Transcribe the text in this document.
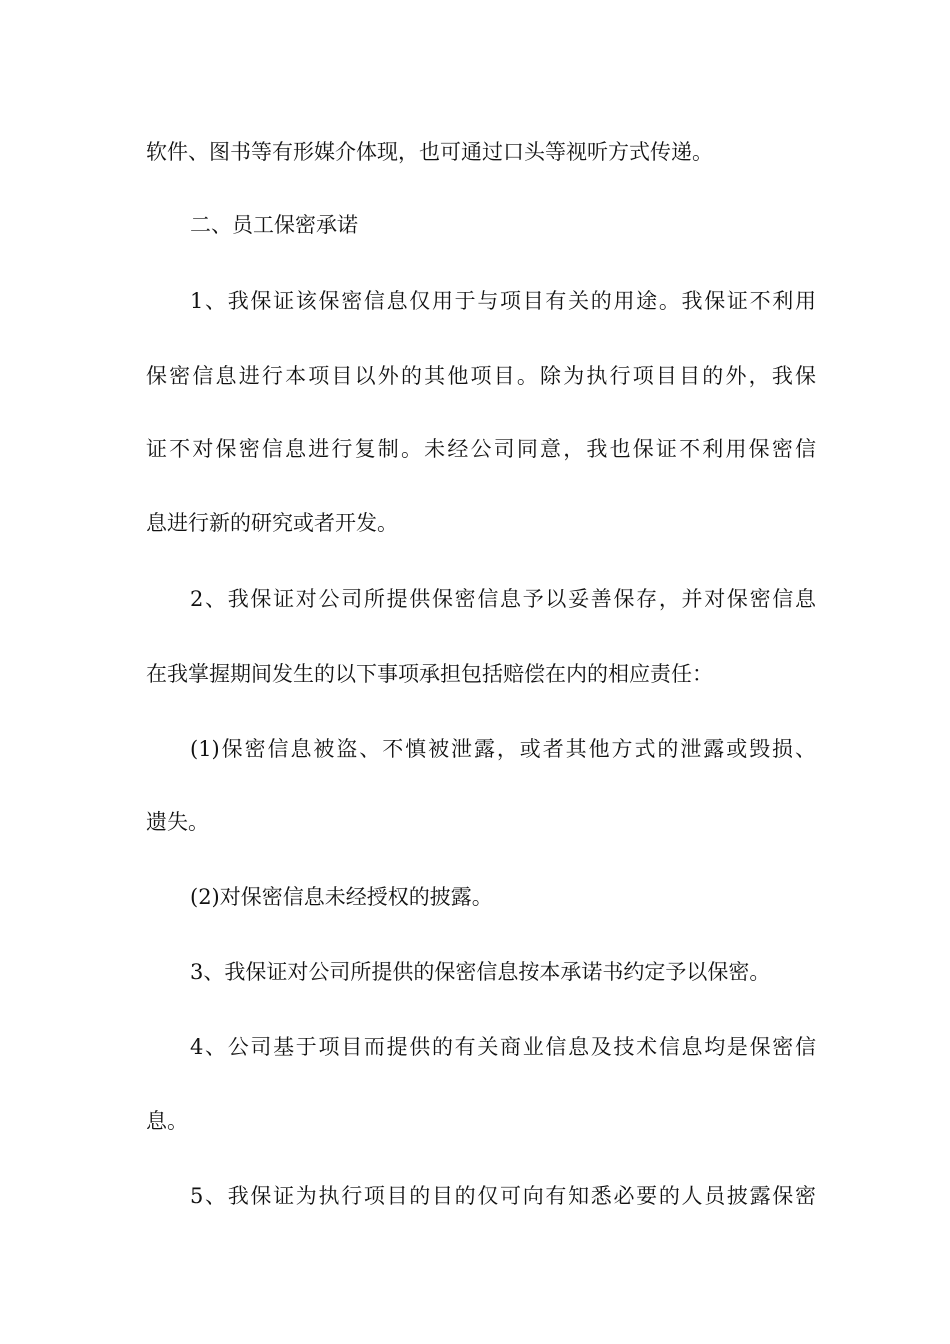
软件、图书等有形媒介体现，也可通过口头等视听方式传递。
二、员工保密承诺
1、我保证该保密信息仅用于与项目有关的用途。我保证不利用
保密信息进行本项目以外的其他项目。除为执行项目目的外，我保
证不对保密信息进行复制。未经公司同意，我也保证不利用保密信
息进行新的研究或者开发。
2、我保证对公司所提供保密信息予以妥善保存，并对保密信息
在我掌握期间发生的以下事项承担包括赔偿在内的相应责任：
(1)保密信息被盗、不慎被泄露，或者其他方式的泄露或毁损、
遗失。
(2)对保密信息未经授权的披露。
3、我保证对公司所提供的保密信息按本承诺书约定予以保密。
4、公司基于项目而提供的有关商业信息及技术信息均是保密信
息。
5、我保证为执行项目的目的仅可向有知悉必要的人员披露保密
